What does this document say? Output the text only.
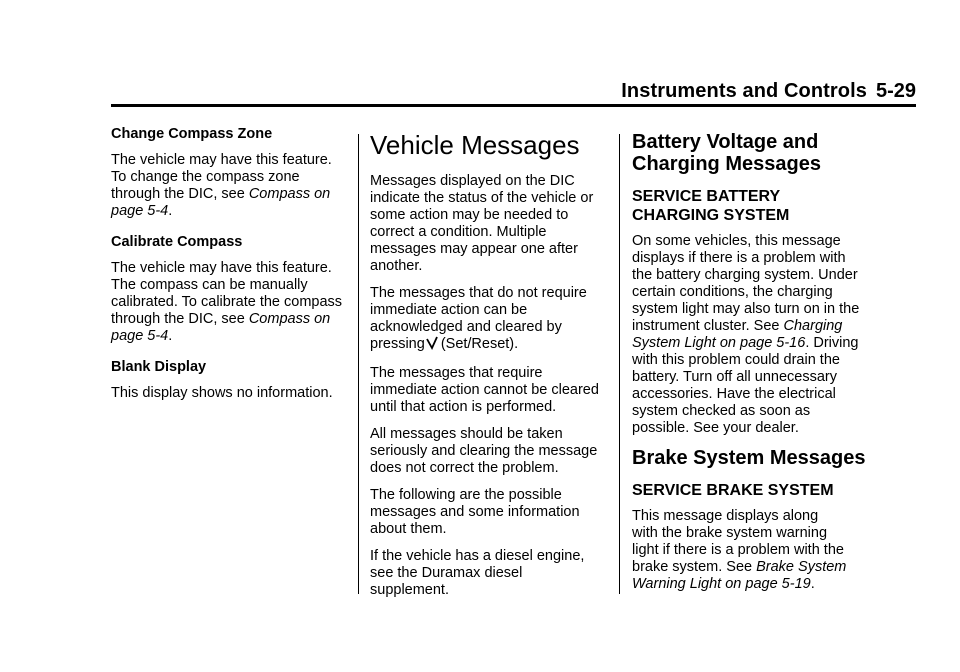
Instruments and Controls 5-29

Change Compass Zone

The vehicle may have this feature.
To change the compass zone
through the DIC, see Compass on
page 5-4.

Calibrate Compass

The vehicle may have this feature.
The compass can be manually
calibrated. To calibrate the compass
through the DIC, see Compass on
page 5-4.

Blank Display

This display shows no information.

Vehicle Messages

Messages displayed on the DIC
indicate the status of the vehicle or
some action may be needed to
correct a condition. Multiple
messages may appear one after
another.

The messages that do not require
immediate action can be
acknowledged and cleared by
pressing (Set/Reset).

The messages that require
immediate action cannot be cleared
until that action is performed.

All messages should be taken
seriously and clearing the message
does not correct the problem.

The following are the possible
messages and some information
about them.

If the vehicle has a diesel engine,
see the Duramax diesel
supplement.

Battery Voltage and
Charging Messages
SERVICE BATTERY
CHARGING SYSTEM

On some vehicles, this message
displays if there is a problem with
the battery charging system. Under
certain conditions, the charging
system light may also turn on in the
instrument cluster. See Charging
System Light on page 5-16. Driving
with this problem could drain the
battery. Turn off all unnecessary
accessories. Have the electrical
system checked as soon as
possible. See your dealer.

Brake System Messages
SERVICE BRAKE SYSTEM

This message displays along
with the brake system warning
light if there is a problem with the
brake system. See Brake System
Warning Light on page 5-19.
